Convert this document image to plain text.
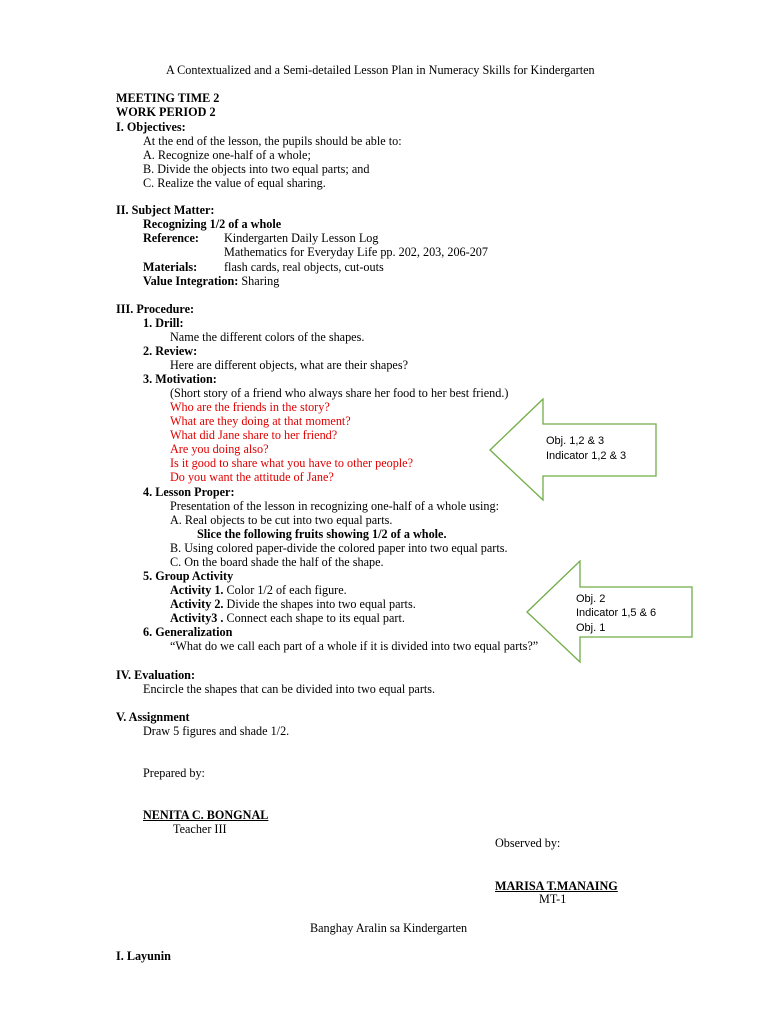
A Contextualized and a Semi-detailed Lesson Plan in Numeracy Skills for Kindergarten
MEETING TIME 2
WORK PERIOD 2
I. Objectives:
At the end of the lesson, the pupils should be able to:
A. Recognize one-half of a whole;
B. Divide the objects into two equal parts; and
C. Realize the value of equal sharing.
II. Subject Matter:
Recognizing 1/2 of a whole
Reference: Kindergarten Daily Lesson Log
Mathematics for Everyday Life pp. 202, 203, 206-207
Materials: flash cards, real objects, cut-outs
Value Integration: Sharing
III. Procedure:
1. Drill:
Name the different colors of the shapes.
2. Review:
Here are different objects, what are their shapes?
3. Motivation:
(Short story of a friend who always share her food to her best friend.)
Who are the friends in the story?
What are they doing at that moment?
What did Jane share to her friend?
Are you doing also?
Is it good to share what you have to other people?
Do you want the attitude of Jane?
4. Lesson Proper:
Presentation of the lesson in recognizing one-half of a whole using:
A. Real objects to be cut into two equal parts.
Slice the following fruits showing 1/2 of a whole.
B. Using colored paper-divide the colored paper into two equal parts.
C. On the board shade the half of the shape.
5. Group Activity
Activity 1. Color 1/2 of each figure.
Activity 2. Divide the shapes into two equal parts.
Activity3 . Connect each shape to its equal part.
6. Generalization
“What do we call each part of a whole if it is divided into two equal parts?”
IV. Evaluation:
Encircle the shapes that can be divided into two equal parts.
V. Assignment
Draw 5 figures and shade 1/2.
Prepared by:
NENITA C. BONGNAL
Teacher III
Observed by:
MARISA T.MANAING
MT-1
Banghay Aralin sa Kindergarten
I. Layunin
Obj. 1,2 & 3
Indicator 1,2 & 3
Obj. 2
Indicator 1,5 & 6
Obj. 1
